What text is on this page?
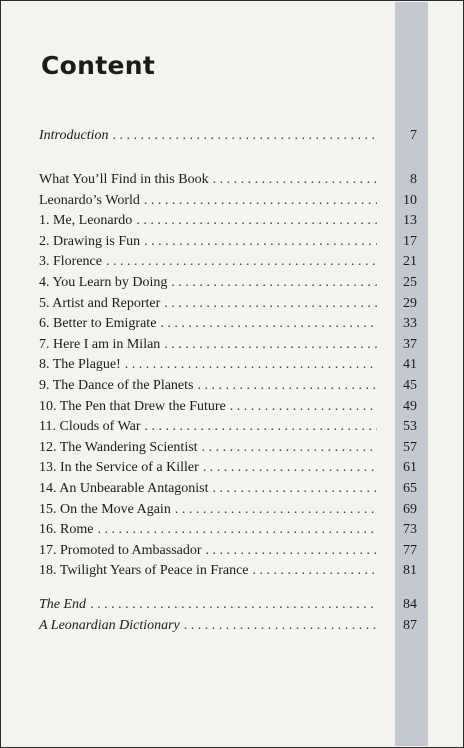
Content
Introduction . . .	7
What You’ll Find in this Book . . .	8
Leonardo’s World . . .	10
1. Me, Leonardo . . .	13
2. Drawing is Fun . . .	17
3. Florence . . .	21
4. You Learn by Doing . . .	25
5. Artist and Reporter . . .	29
6. Better to Emigrate . . .	33
7. Here I am in Milan . . .	37
8. The Plague! . . .	41
9. The Dance of the Planets . . .	45
10. The Pen that Drew the Future . . .	49
11. Clouds of War . . .	53
12. The Wandering Scientist . . .	57
13. In the Service of a Killer . . .	61
14. An Unbearable Antagonist . . .	65
15. On the Move Again . . .	69
16. Rome . . .	73
17. Promoted to Ambassador . . .	77
18. Twilight Years of Peace in France . . .	81
The End . . .	84
A Leonardian Dictionary . . .	87
